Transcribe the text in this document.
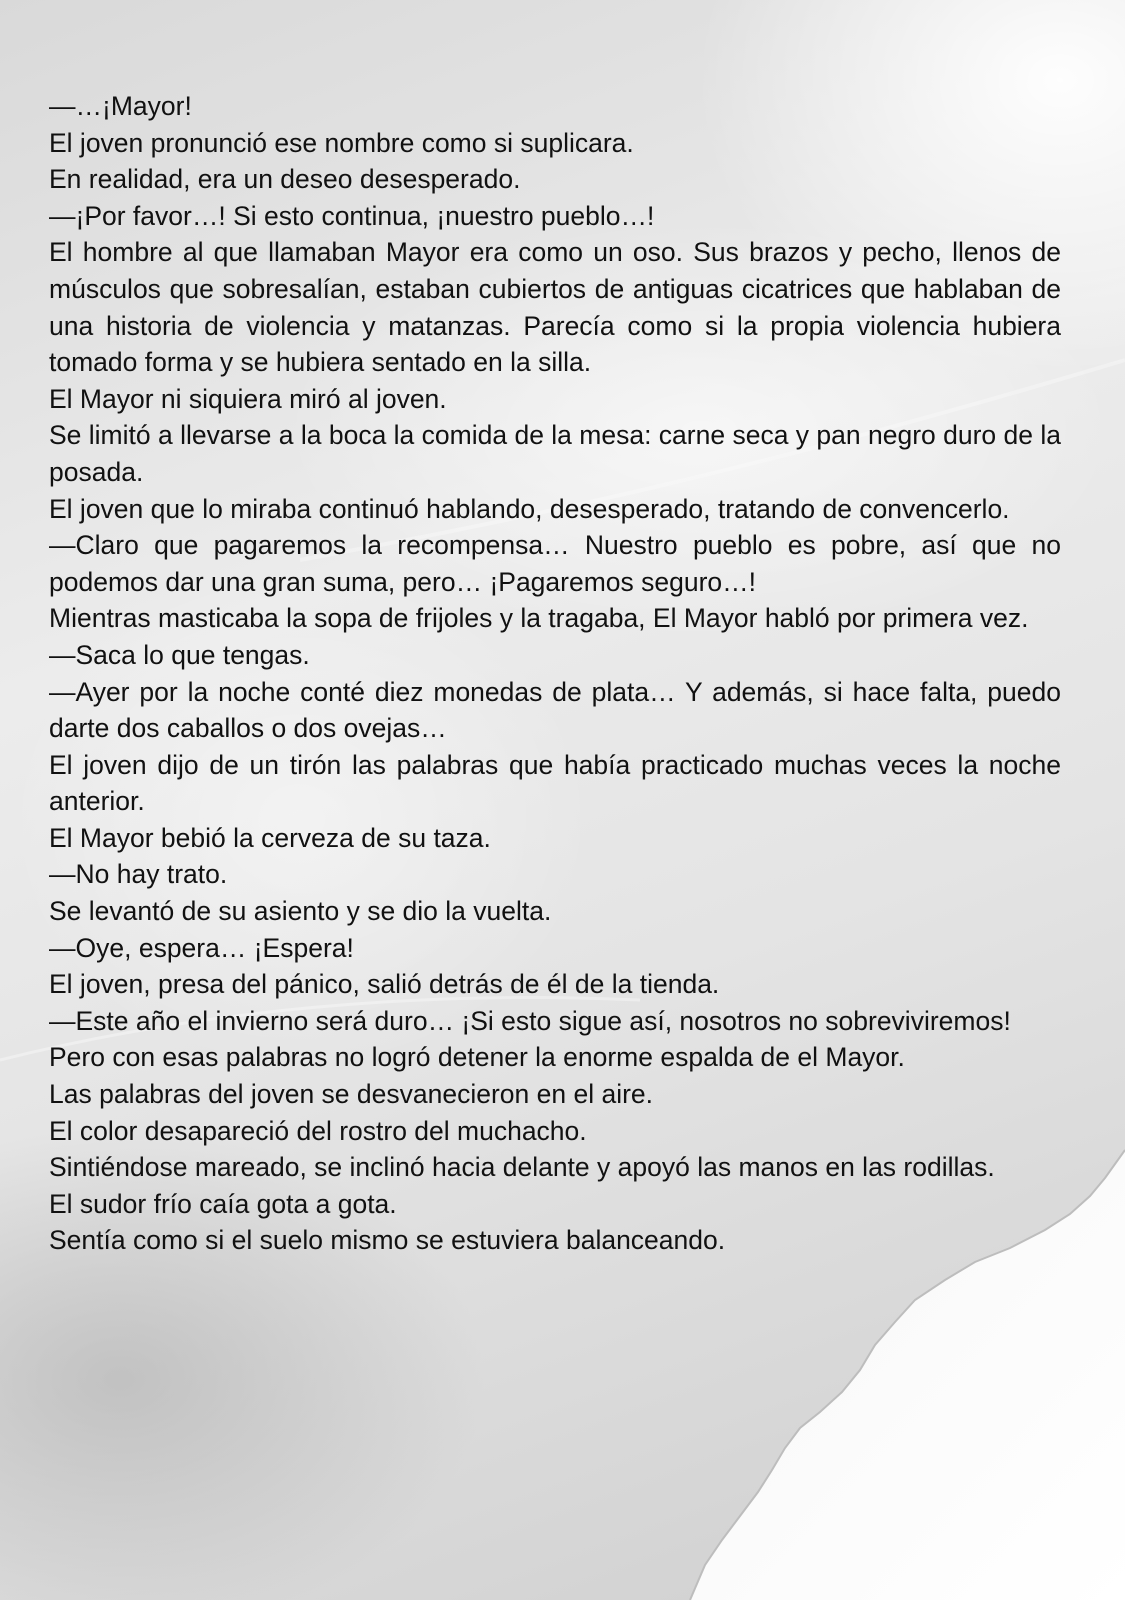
—…¡Mayor!

El joven pronunció ese nombre como si suplicara.

En realidad, era un deseo desesperado.

—¡Por favor…! Si esto continua, ¡nuestro pueblo…!

El hombre al que llamaban Mayor era como un oso. Sus brazos y pecho, llenos de músculos que sobresalían, estaban cubiertos de antiguas cicatrices que hablaban de una historia de violencia y matanzas. Parecía como si la propia violencia hubiera tomado forma y se hubiera sentado en la silla.

El Mayor ni siquiera miró al joven.

Se limitó a llevarse a la boca la comida de la mesa: carne seca y pan negro duro de la posada.

El joven que lo miraba continuó hablando, desesperado, tratando de convencerlo.

—Claro que pagaremos la recompensa… Nuestro pueblo es pobre, así que no podemos dar una gran suma, pero… ¡Pagaremos seguro…!

Mientras masticaba la sopa de frijoles y la tragaba, El Mayor habló por primera vez.

—Saca lo que tengas.

—Ayer por la noche conté diez monedas de plata… Y además, si hace falta, puedo darte dos caballos o dos ovejas…

El joven dijo de un tirón las palabras que había practicado muchas veces la noche anterior.

El Mayor bebió la cerveza de su taza.

—No hay trato.

Se levantó de su asiento y se dio la vuelta.

—Oye, espera… ¡Espera!

El joven, presa del pánico, salió detrás de él de la tienda.

—Este año el invierno será duro… ¡Si esto sigue así, nosotros no sobreviviremos!

Pero con esas palabras no logró detener la enorme espalda de el Mayor.

Las palabras del joven se desvanecieron en el aire.

El color desapareció del rostro del muchacho.

Sintiéndose mareado, se inclinó hacia delante y apoyó las manos en las rodillas.

El sudor frío caía gota a gota.

Sentía como si el suelo mismo se estuviera balanceando.
